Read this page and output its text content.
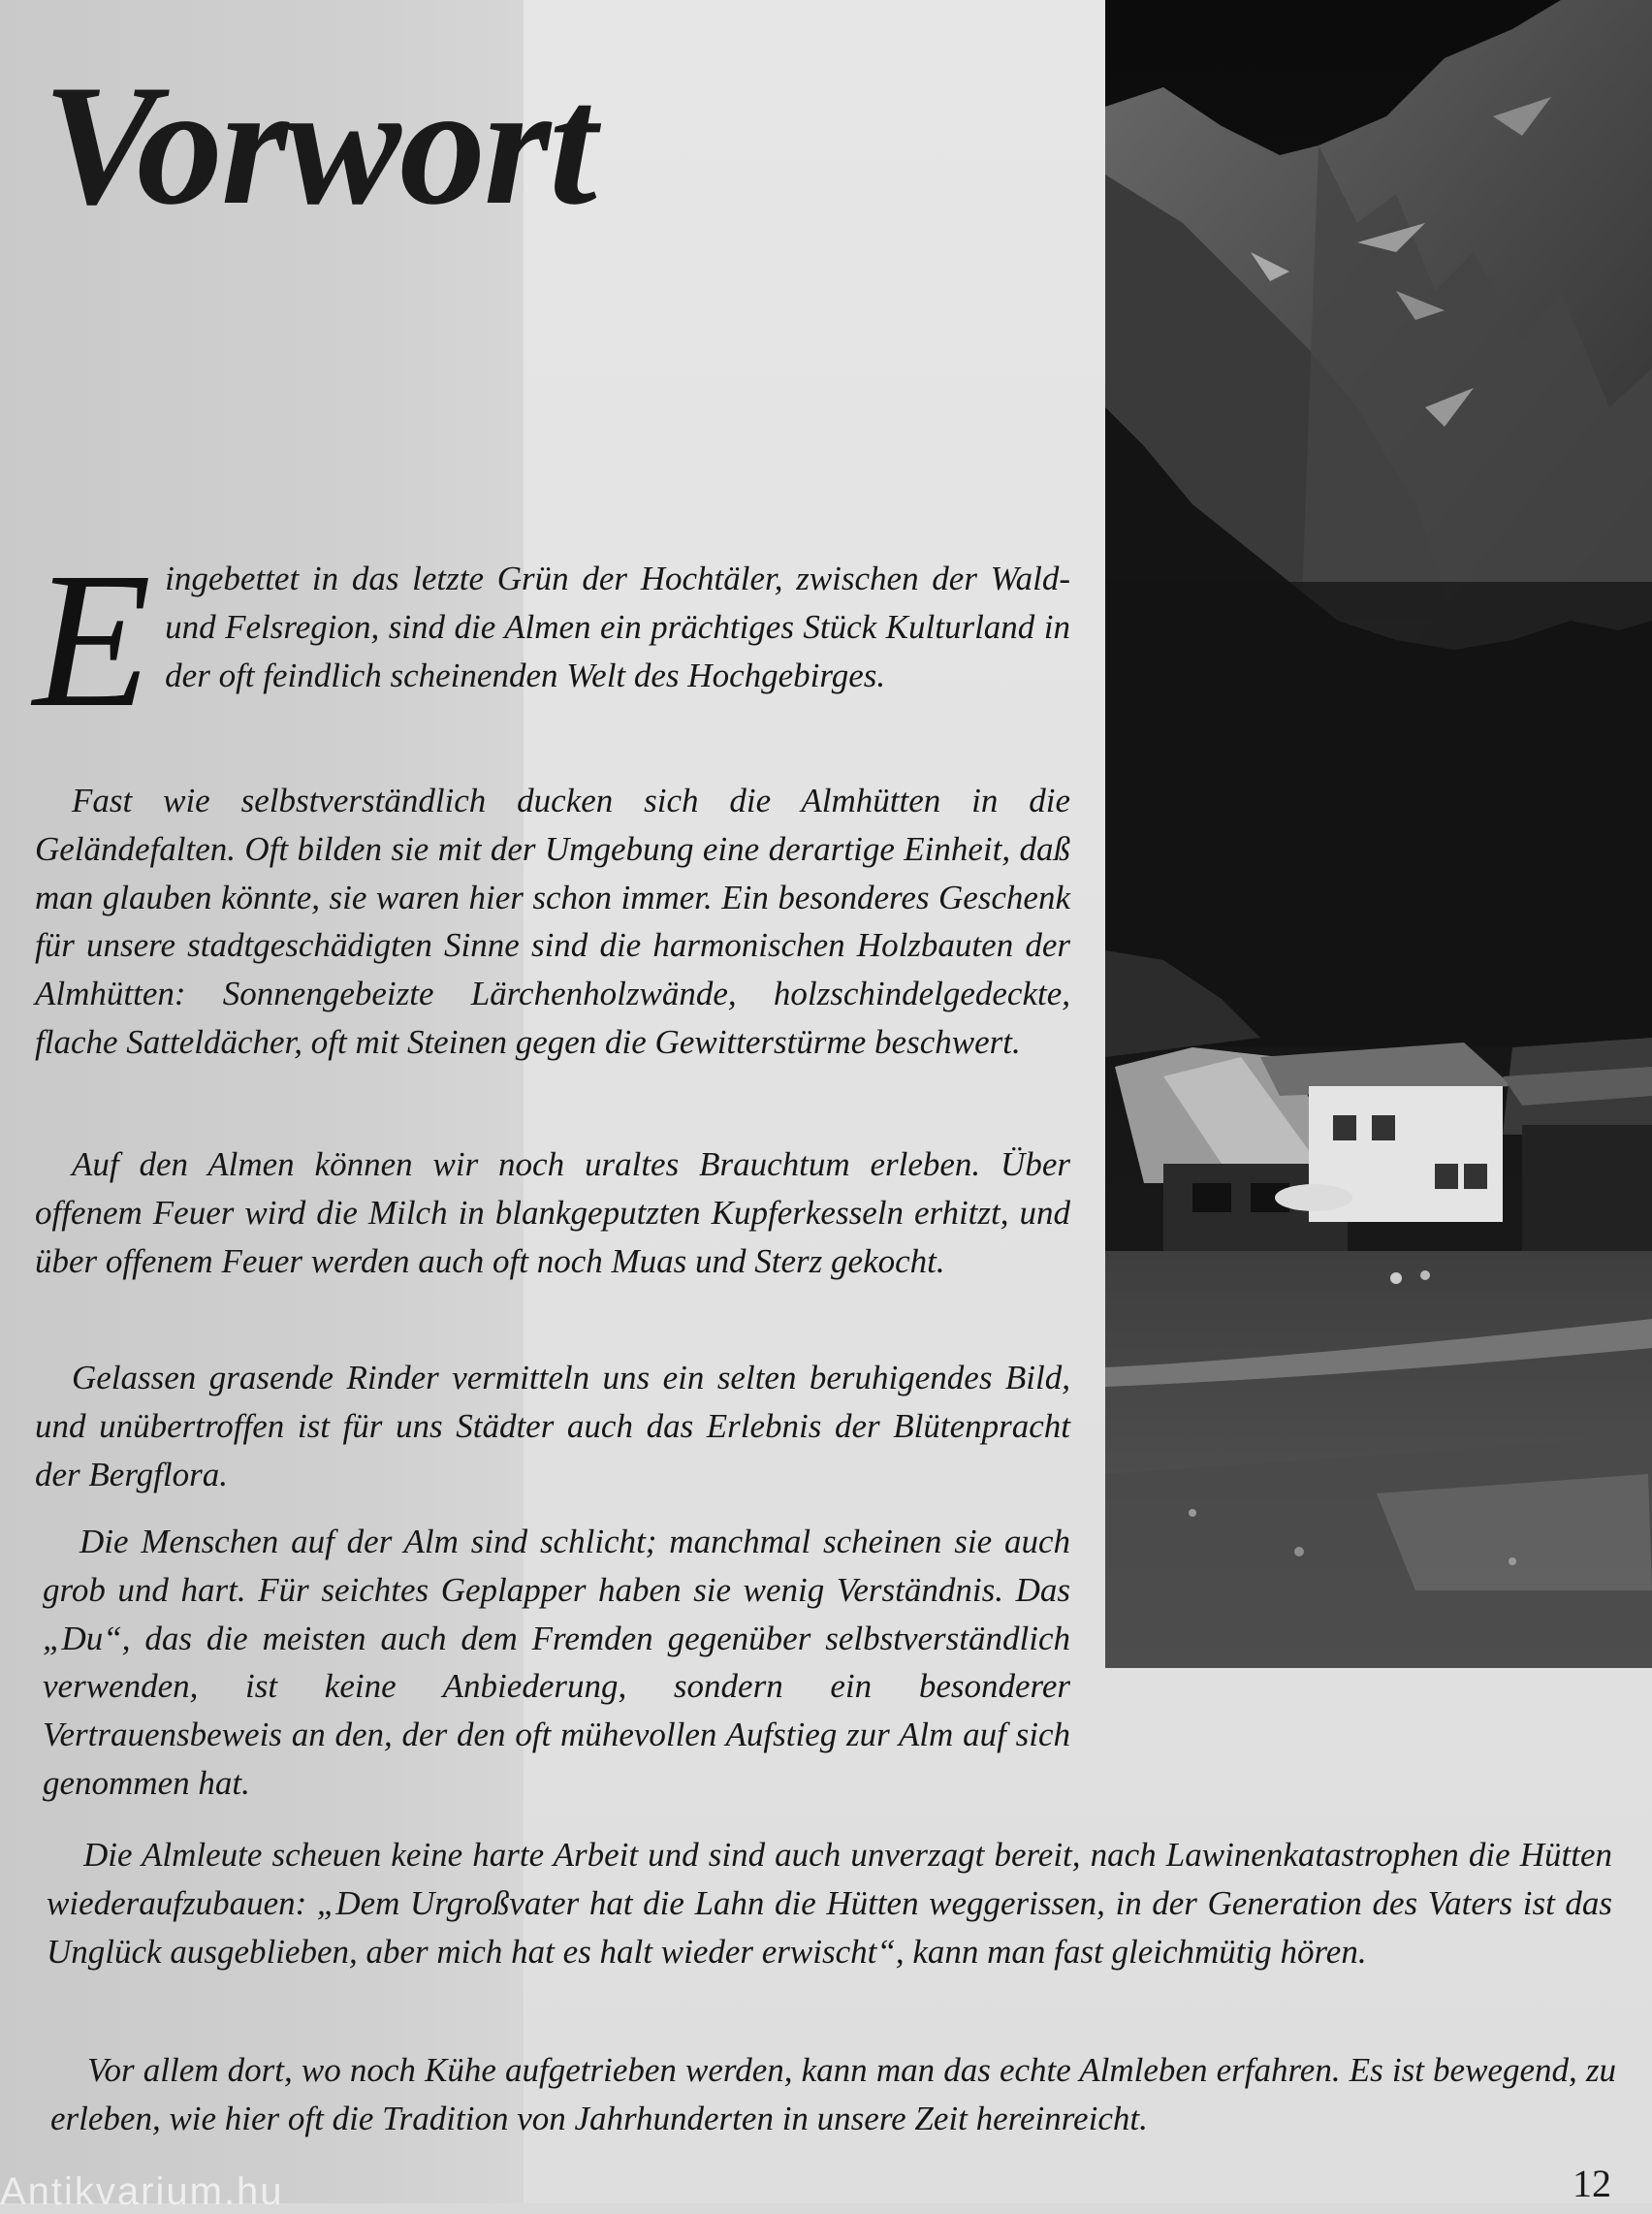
Vorwort

Eingebettet in das letzte Grün der Hochtäler, zwischen der Wald- und Felsregion, sind die Almen ein prächtiges Stück Kulturland in der oft feindlich scheinenden Welt des Hochgebirges.

Fast wie selbstverständlich ducken sich die Almhütten in die Geländefalten. Oft bilden sie mit der Umgebung eine derartige Einheit, daß man glauben könnte, sie waren hier schon immer. Ein besonderes Geschenk für unsere stadtgeschädigten Sinne sind die harmonischen Holzbauten der Almhütten: Sonnengebeizte Lärchenholzwände, holzschindelgedeckte, flache Satteldächer, oft mit Steinen gegen die Gewitterstürme beschwert.

Auf den Almen können wir noch uraltes Brauchtum erleben. Über offenem Feuer wird die Milch in blankgeputzten Kupferkesseln erhitzt, und über offenem Feuer werden auch oft noch Muas und Sterz gekocht.

Gelassen grasende Rinder vermitteln uns ein selten beruhigendes Bild, und unübertroffen ist für uns Städter auch das Erlebnis der Blütenpracht der Bergflora.

Die Menschen auf der Alm sind schlicht; manchmal scheinen sie auch grob und hart. Für seichtes Geplapper haben sie wenig Verständnis. Das „Du“, das die meisten auch dem Fremden gegenüber selbstverständlich verwenden, ist keine Anbiederung, sondern ein besonderer Vertrauensbeweis an den, der den oft mühevollen Aufstieg zur Alm auf sich genommen hat.

Die Almleute scheuen keine harte Arbeit und sind auch unverzagt bereit, nach Lawinenkatastrophen die Hütten wiederaufzubauen: „Dem Urgroßvater hat die Lahn die Hütten weggerissen, in der Generation des Vaters ist das Unglück ausgeblieben, aber mich hat es halt wieder erwischt“, kann man fast gleichmütig hören.

Vor allem dort, wo noch Kühe aufgetrieben werden, kann man das echte Almleben erfahren. Es ist bewegend, zu erleben, wie hier oft die Tradition von Jahrhunderten in unsere Zeit hereinreicht.

12
Antikvarium.hu
